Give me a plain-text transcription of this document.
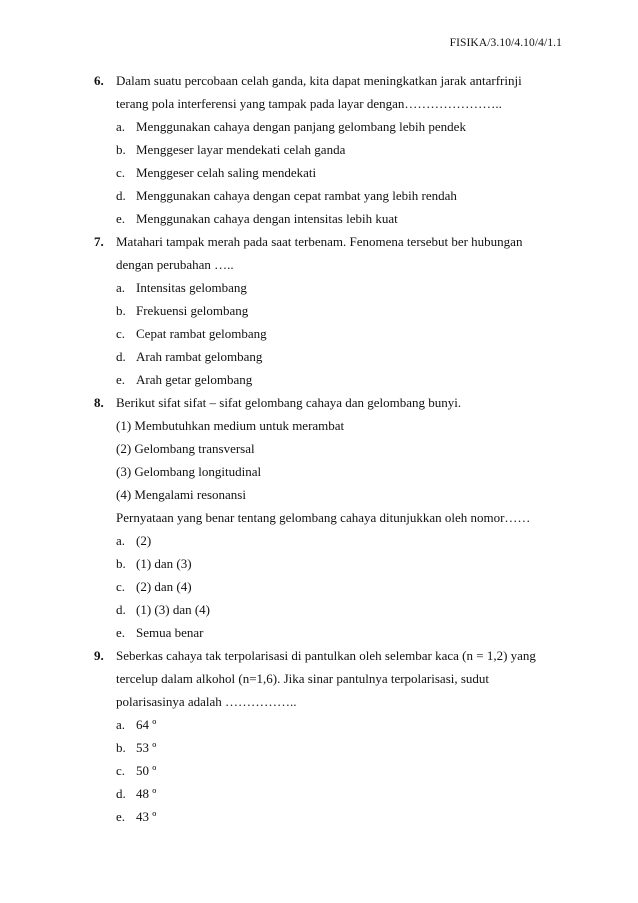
FISIKA/3.10/4.10/4/1.1
6. Dalam suatu percobaan celah ganda, kita dapat meningkatkan jarak antarfrinji
terang pola interferensi yang tampak pada layar dengan…………………..
a. Menggunakan cahaya dengan panjang gelombang lebih pendek
b. Menggeser layar mendekati celah ganda
c. Menggeser celah saling mendekati
d. Menggunakan cahaya dengan cepat rambat yang lebih rendah
e. Menggunakan cahaya dengan intensitas lebih kuat
7. Matahari tampak merah pada saat terbenam. Fenomena tersebut ber hubungan
dengan perubahan …..
a. Intensitas gelombang
b. Frekuensi gelombang
c. Cepat rambat gelombang
d. Arah rambat gelombang
e. Arah getar gelombang
8. Berikut sifat sifat – sifat gelombang cahaya dan gelombang bunyi.
(1) Membutuhkan medium untuk merambat
(2) Gelombang transversal
(3) Gelombang longitudinal
(4) Mengalami resonansi
Pernyataan yang benar tentang gelombang cahaya ditunjukkan oleh nomor……
a. (2)
b. (1) dan (3)
c. (2) dan (4)
d. (1) (3) dan (4)
e. Semua benar
9. Seberkas cahaya tak terpolarisasi di pantulkan oleh selembar kaca (n = 1,2) yang
tercelup dalam alkohol (n=1,6). Jika sinar pantulnya terpolarisasi, sudut
polarisasinya adalah ……………..
a. 64 º
b. 53 º
c. 50 º
d. 48 º
e. 43 º
